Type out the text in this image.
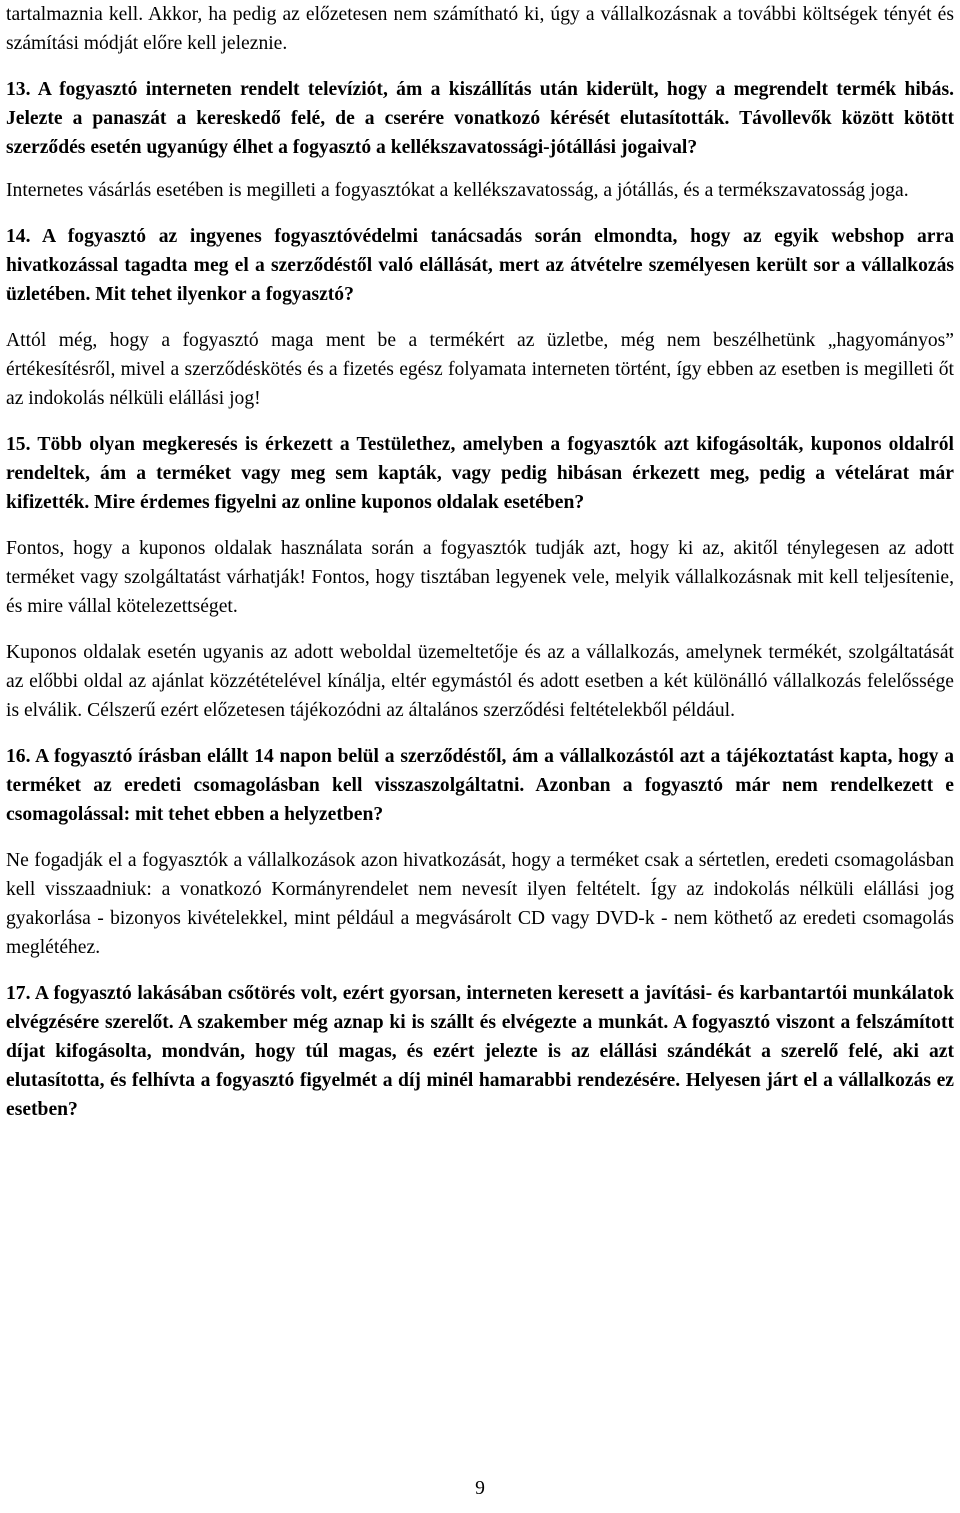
tartalmaznia kell. Akkor, ha pedig az előzetesen nem számítható ki, úgy a vállalkozásnak a további költségek tényét és számítási módját előre kell jeleznie.

13. A fogyasztó interneten rendelt televíziót, ám a kiszállítás után kiderült, hogy a megrendelt termék hibás. Jelezte a panaszát a kereskedő felé, de a cserére vonatkozó kérését elutasították. Távollevők között kötött szerződés esetén ugyanúgy élhet a fogyasztó a kellékszavatossági-jótállási jogaival?

Internetes vásárlás esetében is megilleti a fogyasztókat a kellékszavatosság, a jótállás, és a termékszavatosság joga.

14. A fogyasztó az ingyenes fogyasztóvédelmi tanácsadás során elmondta, hogy az egyik webshop arra hivatkozással tagadta meg el a szerződéstől való elállását, mert az átvételre személyesen került sor a vállalkozás üzletében. Mit tehet ilyenkor a fogyasztó?

Attól még, hogy a fogyasztó maga ment be a termékért az üzletbe, még nem beszélhetünk „hagyományos” értékesítésről, mivel a szerződéskötés és a fizetés egész folyamata interneten történt, így ebben az esetben is megilleti őt az indokolás nélküli elállási jog!

15. Több olyan megkeresés is érkezett a Testülethez, amelyben a fogyasztók azt kifogásolták, kuponos oldalról rendeltek, ám a terméket vagy meg sem kapták, vagy pedig hibásan érkezett meg, pedig a vételárat már kifizették. Mire érdemes figyelni az online kuponos oldalak esetében?

Fontos, hogy a kuponos oldalak használata során a fogyasztók tudják azt, hogy ki az, akitől ténylegesen az adott terméket vagy szolgáltatást várhatják! Fontos, hogy tisztában legyenek vele, melyik vállalkozásnak mit kell teljesítenie, és mire vállal kötelezettséget.

Kuponos oldalak esetén ugyanis az adott weboldal üzemeltetője és az a vállalkozás, amelynek termékét, szolgáltatását az előbbi oldal az ajánlat közzétételével kínálja, eltér egymástól és adott esetben a két különálló vállalkozás felelőssége is elválik. Célszerű ezért előzetesen tájékozódni az általános szerződési feltételekből például.

16. A fogyasztó írásban elállt 14 napon belül a szerződéstől, ám a vállalkozástól azt a tájékoztatást kapta, hogy a terméket az eredeti csomagolásban kell visszaszolgáltatni. Azonban a fogyasztó már nem rendelkezett e csomagolással: mit tehet ebben a helyzetben?

Ne fogadják el a fogyasztók a vállalkozások azon hivatkozását, hogy a terméket csak a sértetlen, eredeti csomagolásban kell visszaadniuk: a vonatkozó Kormányrendelet nem nevesít ilyen feltételt. Így az indokolás nélküli elállási jog gyakorlása - bizonyos kivételekkel, mint például a megvásárolt CD vagy DVD-k - nem köthető az eredeti csomagolás meglétéhez.

17. A fogyasztó lakásában csőtörés volt, ezért gyorsan, interneten keresett a javítási- és karbantartói munkálatok elvégzésére szerelőt. A szakember még aznap ki is szállt és elvégezte a munkát. A fogyasztó viszont a felszámított díjat kifogásolta, mondván, hogy túl magas, és ezért jelezte is az elállási szándékát a szerelő felé, aki azt elutasította, és felhívta a fogyasztó figyelmét a díj minél hamarabbi rendezésére. Helyesen járt el a vállalkozás ez esetben?

9
